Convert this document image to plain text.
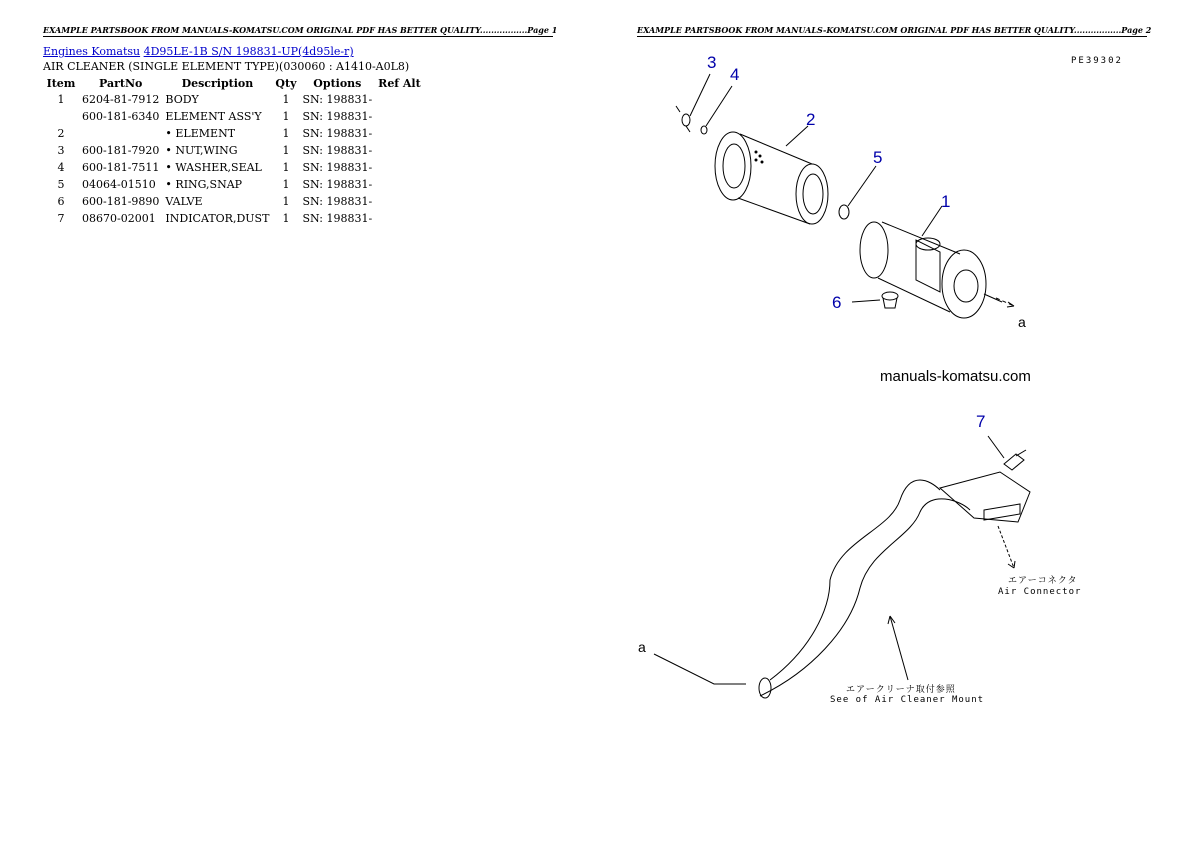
EXAMPLE PARTSBOOK FROM MANUALS-KOMATSU.COM ORIGINAL PDF HAS BETTER QUALITY.................Page 1	EXAMPLE PARTSBOOK FROM MANUALS-KOMATSU.COM ORIGINAL PDF HAS BETTER QUALITY.................Page 2
Engines Komatsu 4D95LE-1B S/N 198831-UP(4d95le-r)
AIR CLEANER (SINGLE ELEMENT TYPE)(030060 : A1410-A0L8)
Item	PartNo	Description	Qty	Options	Ref Alt
1	6204-81-7912	BODY	1	SN: 198831-	
	600-181-6340	ELEMENT ASS'Y	1	SN: 198831-	
2		• ELEMENT	1	SN: 198831-	
3	600-181-7920	• NUT,WING	1	SN: 198831-	
4	600-181-7511	• WASHER,SEAL	1	SN: 198831-	
5	04064-01510	• RING,SNAP	1	SN: 198831-	
6	600-181-9890	VALVE	1	SN: 198831-	
7	08670-02001	INDICATOR,DUST	1	SN: 198831-	
PE39302
1
2
3
4
5
6
7
a
a
manuals-komatsu.com
エアーコネクタ
Air Connector
エアークリーナ取付参照
See of Air Cleaner Mount
